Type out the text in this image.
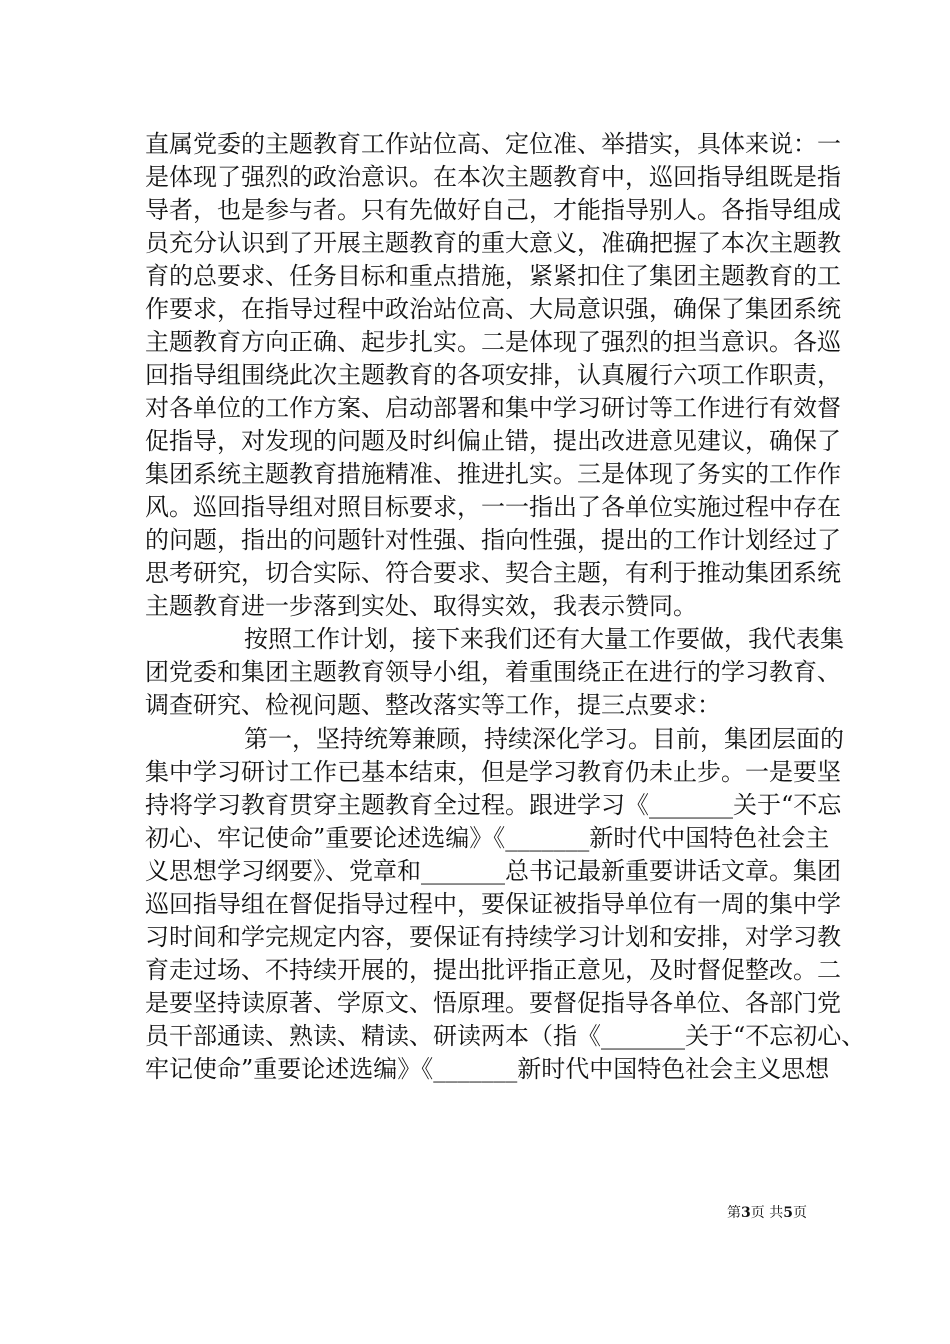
直属党委的主题教育工作站位高、定位准、举措实，具体来说：一
是体现了强烈的政治意识。在本次主题教育中，巡回指导组既是指
导者，也是参与者。只有先做好自己，才能指导别人。各指导组成
员充分认识到了开展主题教育的重大意义，准确把握了本次主题教
育的总要求、任务目标和重点措施，紧紧扣住了集团主题教育的工
作要求，在指导过程中政治站位高、大局意识强，确保了集团系统
主题教育方向正确、起步扎实。二是体现了强烈的担当意识。各巡
回指导组围绕此次主题教育的各项安排，认真履行六项工作职责，
对各单位的工作方案、启动部署和集中学习研讨等工作进行有效督
促指导，对发现的问题及时纠偏止错，提出改进意见建议，确保了
集团系统主题教育措施精准、推进扎实。三是体现了务实的工作作
风。巡回指导组对照目标要求，一一指出了各单位实施过程中存在
的问题，指出的问题针对性强、指向性强，提出的工作计划经过了
思考研究，切合实际、符合要求、契合主题，有利于推动集团系统
主题教育进一步落到实处、取得实效，我表示赞同。
按照工作计划，接下来我们还有大量工作要做，我代表集
团党委和集团主题教育领导小组，着重围绕正在进行的学习教育、
调查研究、检视问题、整改落实等工作，提三点要求：
第一，坚持统筹兼顾，持续深化学习。目前，集团层面的
集中学习研讨工作已基本结束，但是学习教育仍未止步。一是要坚
持将学习教育贯穿主题教育全过程。跟进学习《_______关于“不忘
初心、牢记使命”重要论述选编》《_______新时代中国特色社会主
义思想学习纲要》、党章和_______总书记最新重要讲话文章。集团
巡回指导组在督促指导过程中，要保证被指导单位有一周的集中学
习时间和学完规定内容，要保证有持续学习计划和安排，对学习教
育走过场、不持续开展的，提出批评指正意见，及时督促整改。二
是要坚持读原著、学原文、悟原理。要督促指导各单位、各部门党
员干部通读、熟读、精读、研读两本（指《_______关于“不忘初心、
牢记使命”重要论述选编》《_______新时代中国特色社会主义思想
第3页 共5页
